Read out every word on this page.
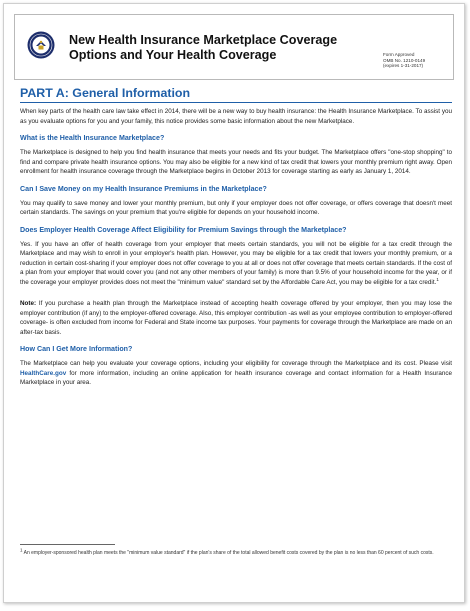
New Health Insurance Marketplace Coverage
Options and Your Health Coverage	Form Approved
OMB No. 1210-0149
(expires 1-31-2017)
PART A: General Information

When key parts of the health care law take effect in 2014, there will be a new way to buy health insurance: the Health Insurance Marketplace. To assist you as you evaluate options for you and your family, this notice provides some basic information about the new Marketplace.

What is the Health Insurance Marketplace?

The Marketplace is designed to help you find health insurance that meets your needs and fits your budget. The Marketplace offers "one-stop shopping" to find and compare private health insurance options. You may also be eligible for a new kind of tax credit that lowers your monthly premium right away. Open enrollment for health insurance coverage through the Marketplace begins in October 2013 for coverage starting as early as January 1, 2014.

Can I Save Money on my Health Insurance Premiums in the Marketplace?

You may qualify to save money and lower your monthly premium, but only if your employer does not offer coverage, or offers coverage that doesn't meet certain standards. The savings on your premium that you're eligible for depends on your household income.

Does Employer Health Coverage Affect Eligibility for Premium Savings through the Marketplace?

Yes. If you have an offer of health coverage from your employer that meets certain standards, you will not be eligible for a tax credit through the Marketplace and may wish to enroll in your employer's health plan. However, you may be eligible for a tax credit that lowers your monthly premium, or a reduction in certain cost-sharing if your employer does not offer coverage to you at all or does not offer coverage that meets certain standards. If the cost of a plan from your employer that would cover you (and not any other members of your family) is more than 9.5% of your household income for the year, or if the coverage your employer provides does not meet the "minimum value" standard set by the Affordable Care Act, you may be eligible for a tax credit.$^1$

Note: If you purchase a health plan through the Marketplace instead of accepting health coverage offered by your employer, then you may lose the employer contribution (if any) to the employer-offered coverage. Also, this employer contribution -as well as your employee contribution to employer-offered coverage- is often excluded from income for Federal and State income tax purposes. Your payments for coverage through the Marketplace are made on an after-tax basis.

How Can I Get More Information?

The Marketplace can help you evaluate your coverage options, including your eligibility for coverage through the Marketplace and its cost. Please visit HealthCare.gov for more information, including an online application for health insurance coverage and contact information for a Health Insurance Marketplace in your area.

$^1$ An employer-sponsored health plan meets the "minimum value standard" if the plan's share of the total allowed benefit costs covered by the plan is no less than 60 percent of such costs.
